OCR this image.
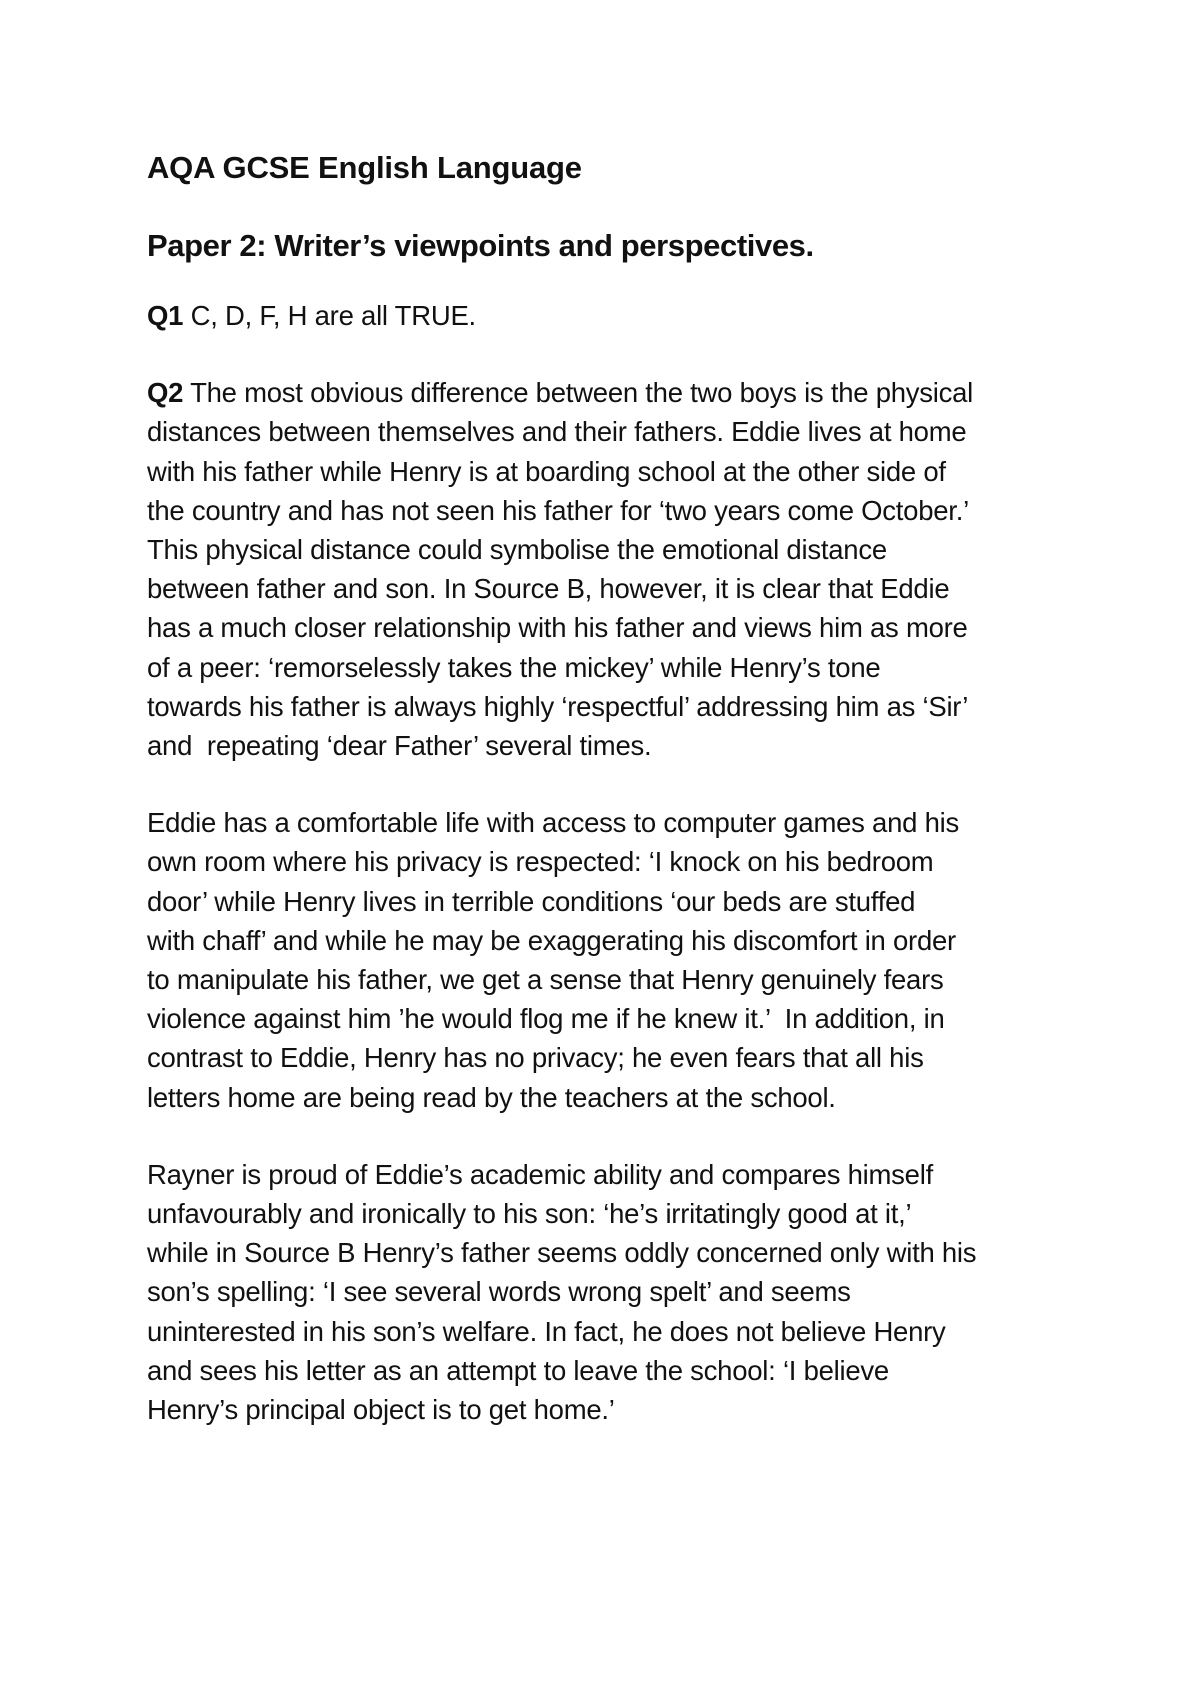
AQA GCSE English Language
Paper 2: Writer’s viewpoints and perspectives.

Q1 C, D, F, H are all TRUE.

Q2 The most obvious difference between the two boys is the physical
distances between themselves and their fathers. Eddie lives at home
with his father while Henry is at boarding school at the other side of
the country and has not seen his father for ‘two years come October.’
This physical distance could symbolise the emotional distance
between father and son. In Source B, however, it is clear that Eddie
has a much closer relationship with his father and views him as more
of a peer: ‘remorselessly takes the mickey’ while Henry’s tone
towards his father is always highly ‘respectful’ addressing him as ‘Sir’
and  repeating ‘dear Father’ several times.

Eddie has a comfortable life with access to computer games and his
own room where his privacy is respected: ‘I knock on his bedroom
door’ while Henry lives in terrible conditions ‘our beds are stuffed
with chaff’ and while he may be exaggerating his discomfort in order
to manipulate his father, we get a sense that Henry genuinely fears
violence against him ’he would flog me if he knew it.’  In addition, in
contrast to Eddie, Henry has no privacy; he even fears that all his
letters home are being read by the teachers at the school.

Rayner is proud of Eddie’s academic ability and compares himself
unfavourably and ironically to his son: ‘he’s irritatingly good at it,’
while in Source B Henry’s father seems oddly concerned only with his
son’s spelling: ‘I see several words wrong spelt’ and seems
uninterested in his son’s welfare. In fact, he does not believe Henry
and sees his letter as an attempt to leave the school: ‘I believe
Henry’s principal object is to get home.’
